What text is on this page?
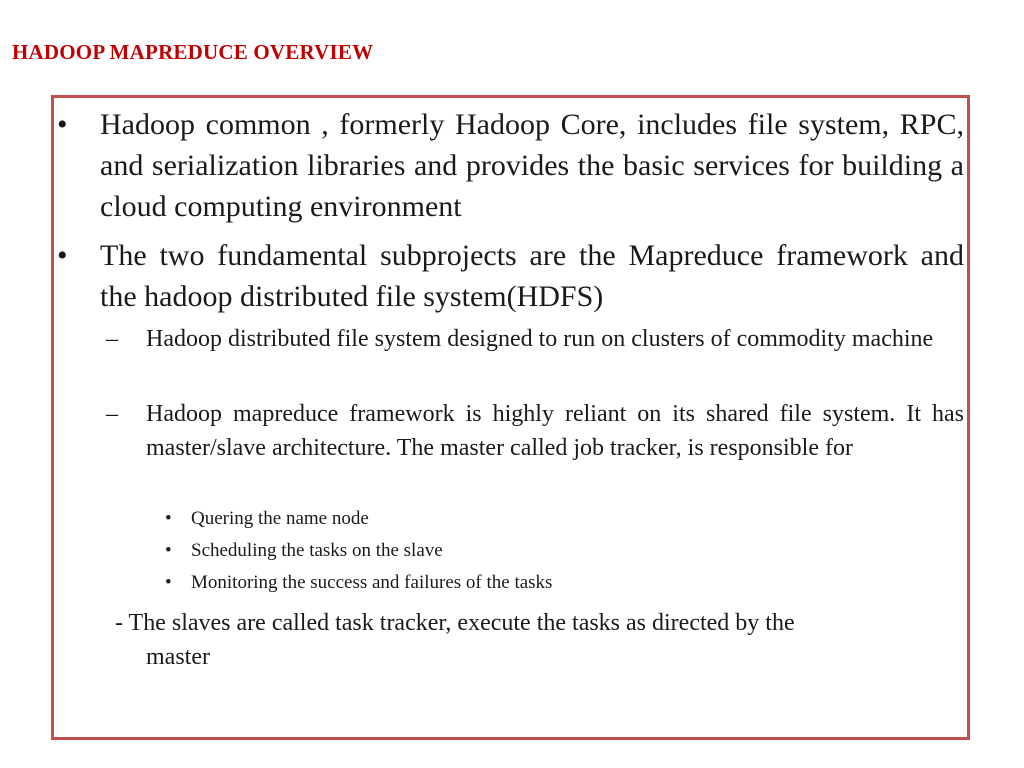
HADOOP MAPREDUCE OVERVIEW
•	Hadoop common , formerly Hadoop Core, includes file system, RPC, and serialization libraries and provides the basic services for building a cloud computing environment
•	The two fundamental subprojects are the Mapreduce framework and the hadoop distributed file system(HDFS)
–	Hadoop distributed file system designed to run on clusters of commodity machine
–	Hadoop mapreduce framework is highly reliant on its shared file system. It has master/slave architecture. The master called job tracker, is responsible for
•	Quering the name node
•	Scheduling the tasks on the slave
•	Monitoring the success and failures of the tasks
- The slaves are called task tracker, execute the tasks as directed by the
master
